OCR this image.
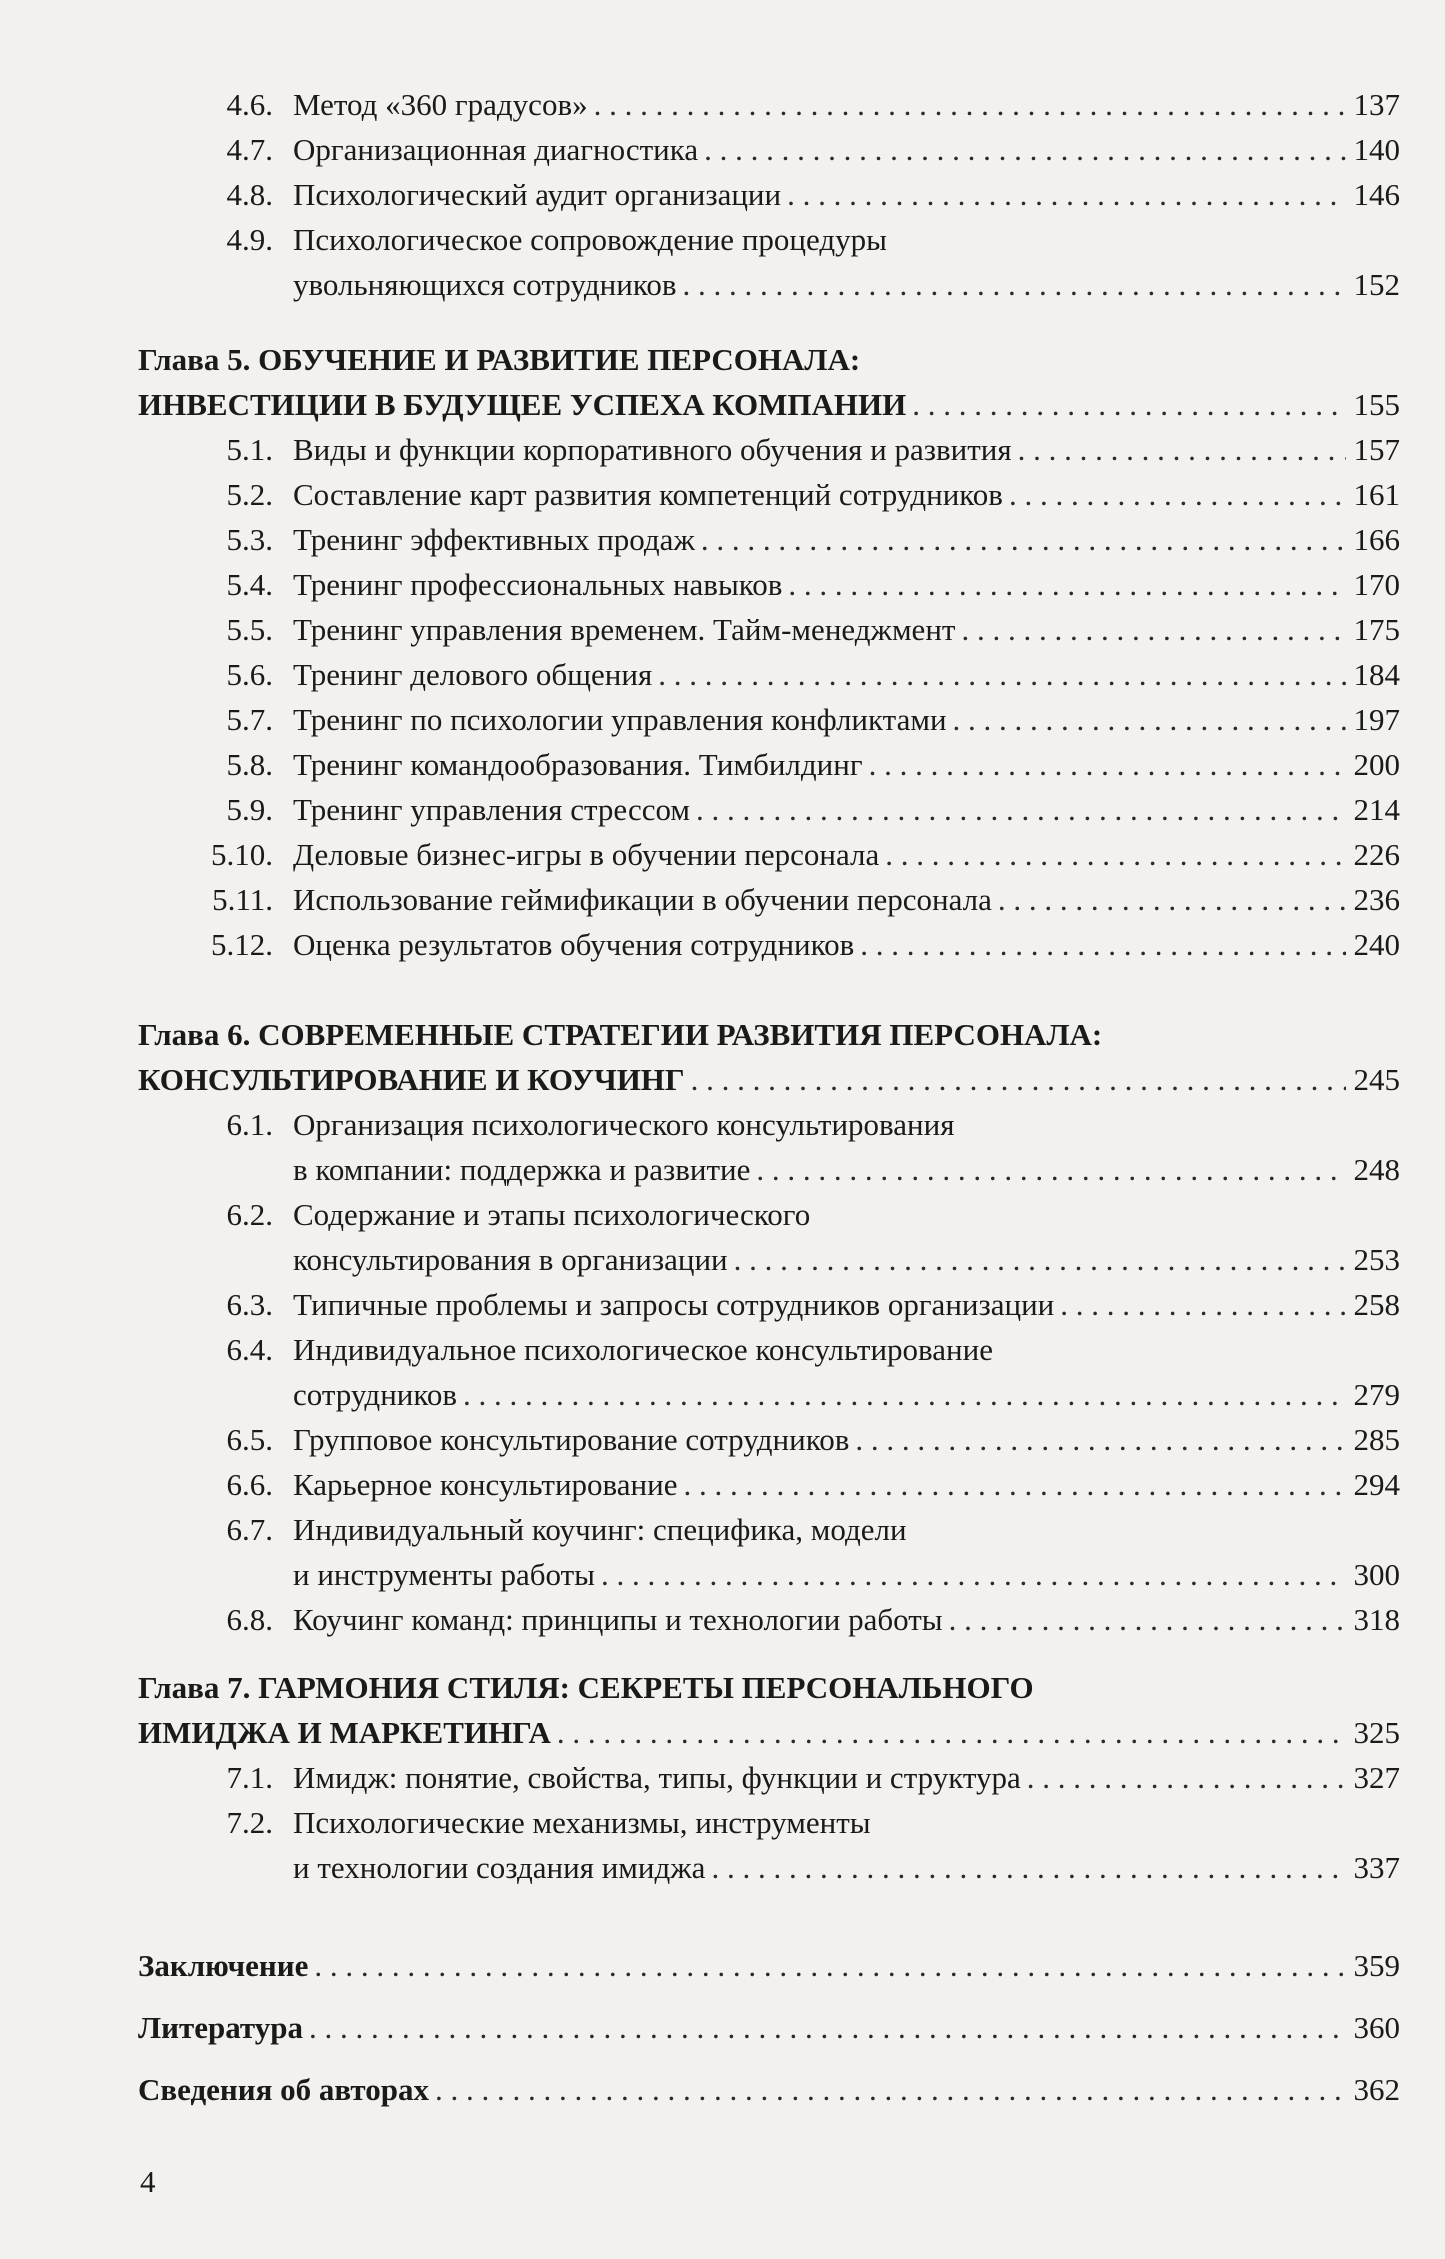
4.6. Метод «360 градусов» . . .	137
4.7. Организационная диагностика . . .	140
4.8. Психологический аудит организации . . .	146
4.9. Психологическое сопровождение процедуры
увольняющихся сотрудников . . .	152
Глава 5. ОБУЧЕНИЕ И РАЗВИТИЕ ПЕРСОНАЛА:
ИНВЕСТИЦИИ В БУДУЩЕЕ УСПЕХА КОМПАНИИ . . .	155
5.1. Виды и функции корпоративного обучения и развития . . .	157
5.2. Составление карт развития компетенций сотрудников . . .	161
5.3. Тренинг эффективных продаж . . .	166
5.4. Тренинг профессиональных навыков . . .	170
5.5. Тренинг управления временем. Тайм-менеджмент . . .	175
5.6. Тренинг делового общения . . .	184
5.7. Тренинг по психологии управления конфликтами . . .	197
5.8. Тренинг командообразования. Тимбилдинг . . .	200
5.9. Тренинг управления стрессом . . .	214
5.10. Деловые бизнес-игры в обучении персонала . . .	226
5.11. Использование геймификации в обучении персонала . . .	236
5.12. Оценка результатов обучения сотрудников . . .	240
Глава 6. СОВРЕМЕННЫЕ СТРАТЕГИИ РАЗВИТИЯ ПЕРСОНАЛА:
КОНСУЛЬТИРОВАНИЕ И КОУЧИНГ . . .	245
6.1. Организация психологического консультирования
в компании: поддержка и развитие . . .	248
6.2. Содержание и этапы психологического
консультирования в организации . . .	253
6.3. Типичные проблемы и запросы сотрудников организации . . .	258
6.4. Индивидуальное психологическое консультирование
сотрудников . . .	279
6.5. Групповое консультирование сотрудников . . .	285
6.6. Карьерное консультирование . . .	294
6.7. Индивидуальный коучинг: специфика, модели
и инструменты работы . . .	300
6.8. Коучинг команд: принципы и технологии работы . . .	318
Глава 7. ГАРМОНИЯ СТИЛЯ: СЕКРЕТЫ ПЕРСОНАЛЬНОГО
ИМИДЖА И МАРКЕТИНГА . . .	325
7.1. Имидж: понятие, свойства, типы, функции и структура . . .	327
7.2. Психологические механизмы, инструменты
и технологии создания имиджа . . .	337
Заключение . . .	359
Литература . . .	360
Сведения об авторах . . .	362
4
